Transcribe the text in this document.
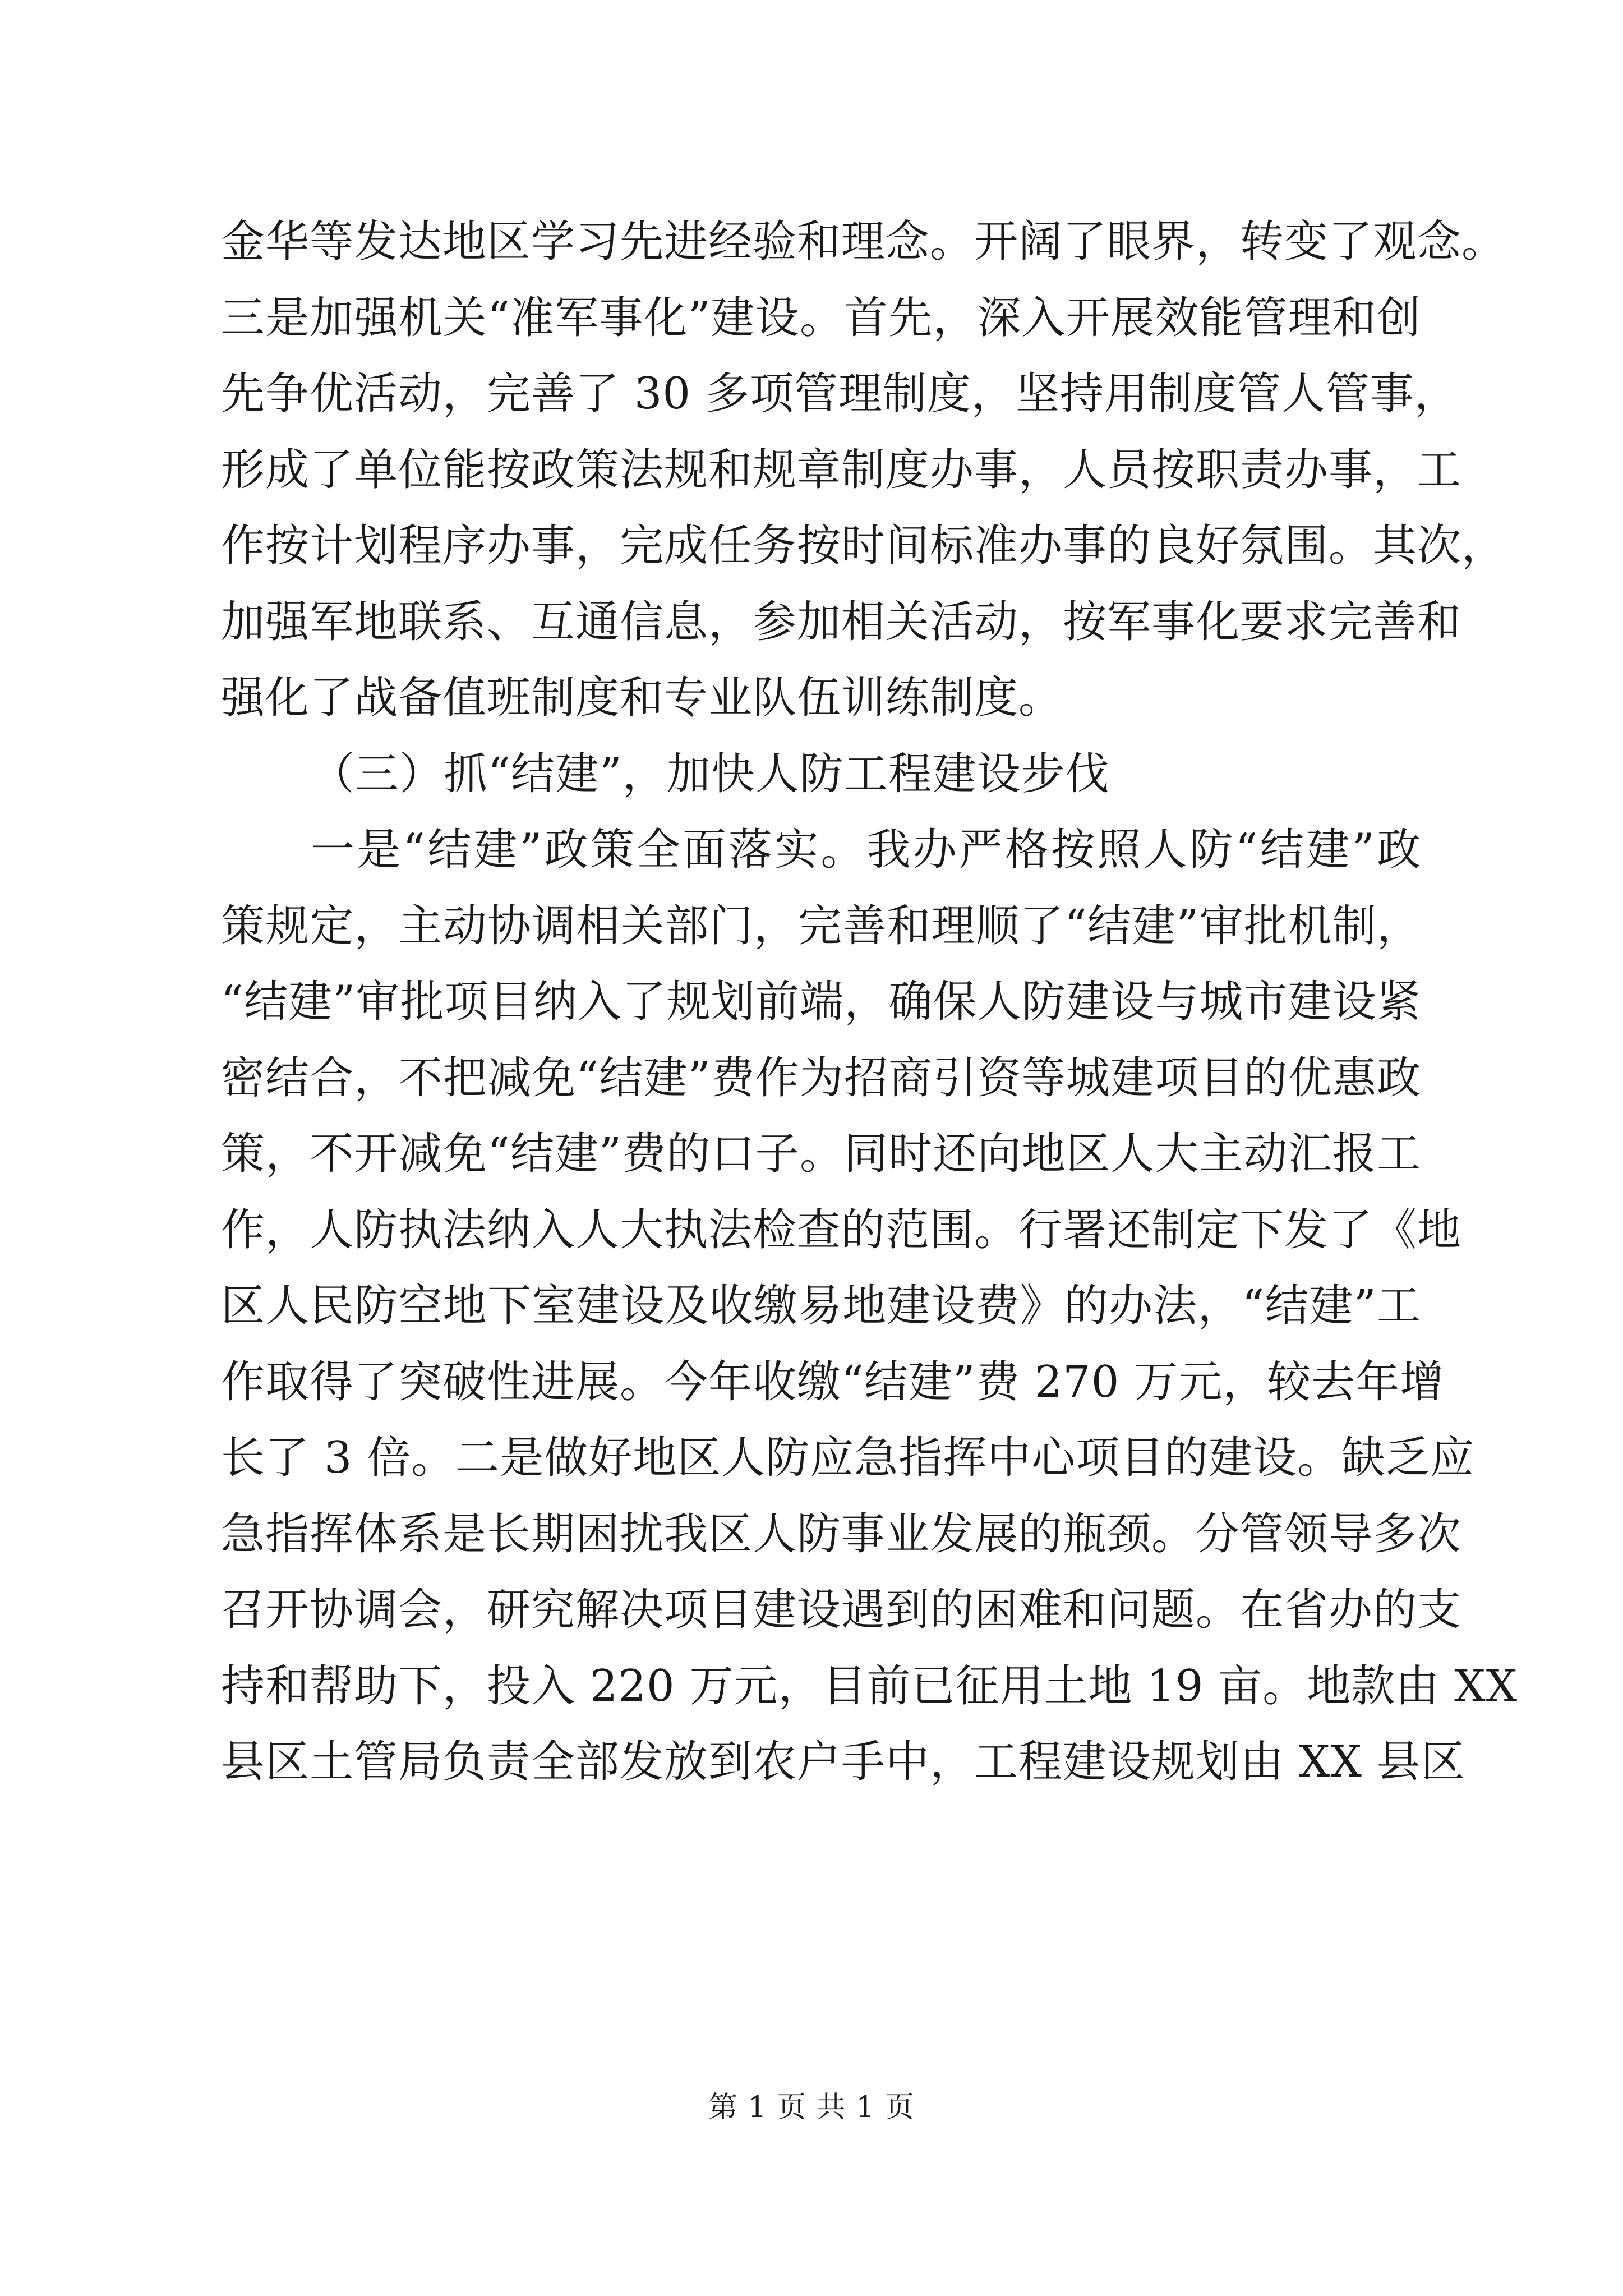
金华等发达地区学习先进经验和理念。开阔了眼界，转变了观念。
三是加强机关“准军事化”建设。首先，深入开展效能管理和创
先争优活动，完善了 30 多项管理制度，坚持用制度管人管事，
形成了单位能按政策法规和规章制度办事，人员按职责办事，工
作按计划程序办事，完成任务按时间标准办事的良好氛围。其次，
加强军地联系、互通信息，参加相关活动，按军事化要求完善和
强化了战备值班制度和专业队伍训练制度。
（三）抓“结建”，加快人防工程建设步伐
一是“结建”政策全面落实。我办严格按照人防“结建”政
策规定，主动协调相关部门，完善和理顺了“结建”审批机制，
“结建”审批项目纳入了规划前端，确保人防建设与城市建设紧
密结合，不把减免“结建”费作为招商引资等城建项目的优惠政
策，不开减免“结建”费的口子。同时还向地区人大主动汇报工
作，人防执法纳入人大执法检查的范围。行署还制定下发了《地
区人民防空地下室建设及收缴易地建设费》的办法，“结建”工
作取得了突破性进展。今年收缴“结建”费 270 万元，较去年增
长了 3 倍。二是做好地区人防应急指挥中心项目的建设。缺乏应
急指挥体系是长期困扰我区人防事业发展的瓶颈。分管领导多次
召开协调会，研究解决项目建设遇到的困难和问题。在省办的支
持和帮助下，投入 220 万元，目前已征用土地 19 亩。地款由 XX
县区土管局负责全部发放到农户手中，工程建设规划由 XX 县区
第 1 页 共 1 页
